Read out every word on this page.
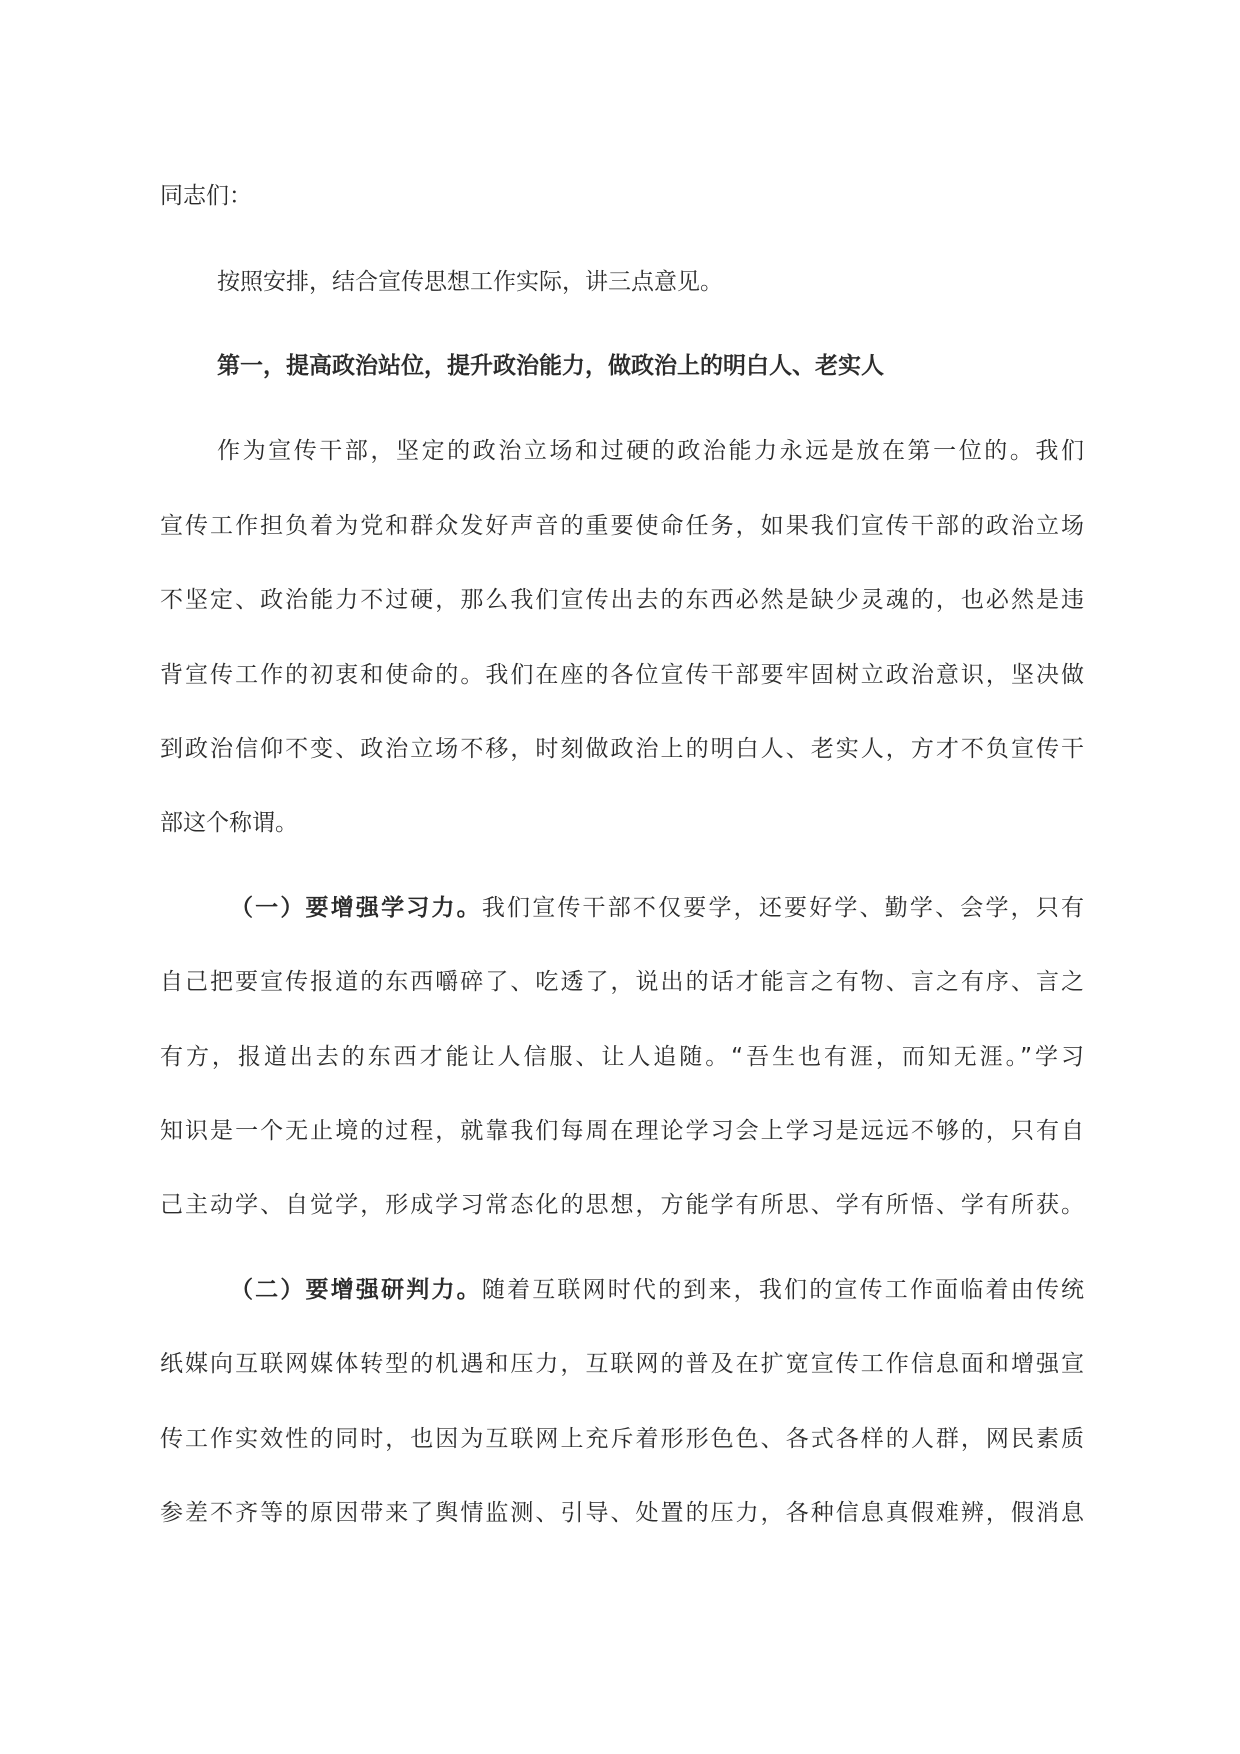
同志们：
按照安排，结合宣传思想工作实际，讲三点意见。
第一，提高政治站位，提升政治能力，做政治上的明白人、老实人
作为宣传干部，坚定的政治立场和过硬的政治能力永远是放在第一位的。我们
宣传工作担负着为党和群众发好声音的重要使命任务，如果我们宣传干部的政治立场
不坚定、政治能力不过硬，那么我们宣传出去的东西必然是缺少灵魂的，也必然是违
背宣传工作的初衷和使命的。我们在座的各位宣传干部要牢固树立政治意识，坚决做
到政治信仰不变、政治立场不移，时刻做政治上的明白人、老实人，方才不负宣传干
部这个称谓。
（一）要增强学习力。我们宣传干部不仅要学，还要好学、勤学、会学，只有
自己把要宣传报道的东西嚼碎了、吃透了，说出的话才能言之有物、言之有序、言之
有方，报道出去的东西才能让人信服、让人追随。“吾生也有涯，而知无涯。”学习
知识是一个无止境的过程，就靠我们每周在理论学习会上学习是远远不够的，只有自
己主动学、自觉学，形成学习常态化的思想，方能学有所思、学有所悟、学有所获。
（二）要增强研判力。随着互联网时代的到来，我们的宣传工作面临着由传统
纸媒向互联网媒体转型的机遇和压力，互联网的普及在扩宽宣传工作信息面和增强宣
传工作实效性的同时，也因为互联网上充斥着形形色色、各式各样的人群，网民素质
参差不齐等的原因带来了舆情监测、引导、处置的压力，各种信息真假难辨，假消息
